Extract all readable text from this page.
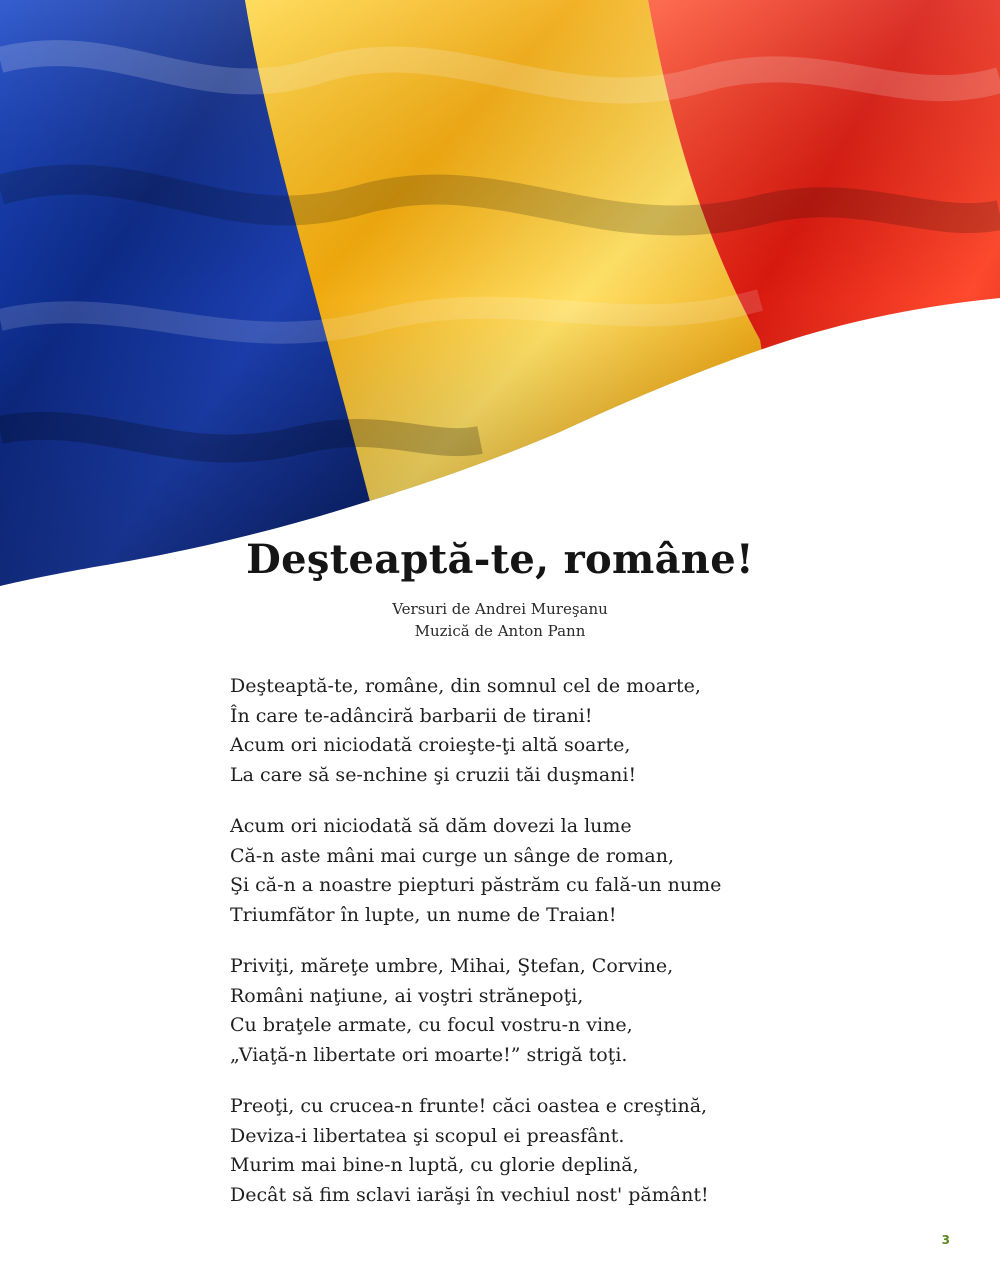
Deşteaptă-te, române!
Versuri de Andrei Mureşanu
Muzică de Anton Pann
Deşteaptă-te, române, din somnul cel de moarte,
În care te-adânciră barbarii de tirani!
Acum ori niciodată croieşte-ţi altă soarte,
La care să se-nchine şi cruzii tăi duşmani!
Acum ori niciodată să dăm dovezi la lume
Că-n aste mâni mai curge un sânge de roman,
Şi că-n a noastre piepturi păstrăm cu fală-un nume
Triumfător în lupte, un nume de Traian!
Priviţi, măreţe umbre, Mihai, Ştefan, Corvine,
Români naţiune, ai voştri strănepoţi,
Cu braţele armate, cu focul vostru-n vine,
„Viaţă-n libertate ori moarte!” strigă toţi.
Preoţi, cu crucea-n frunte! căci oastea e creştină,
Deviza-i libertatea şi scopul ei preasfânt.
Murim mai bine-n luptă, cu glorie deplină,
Decât să fim sclavi iarăşi în vechiul nost' pământ!
3
